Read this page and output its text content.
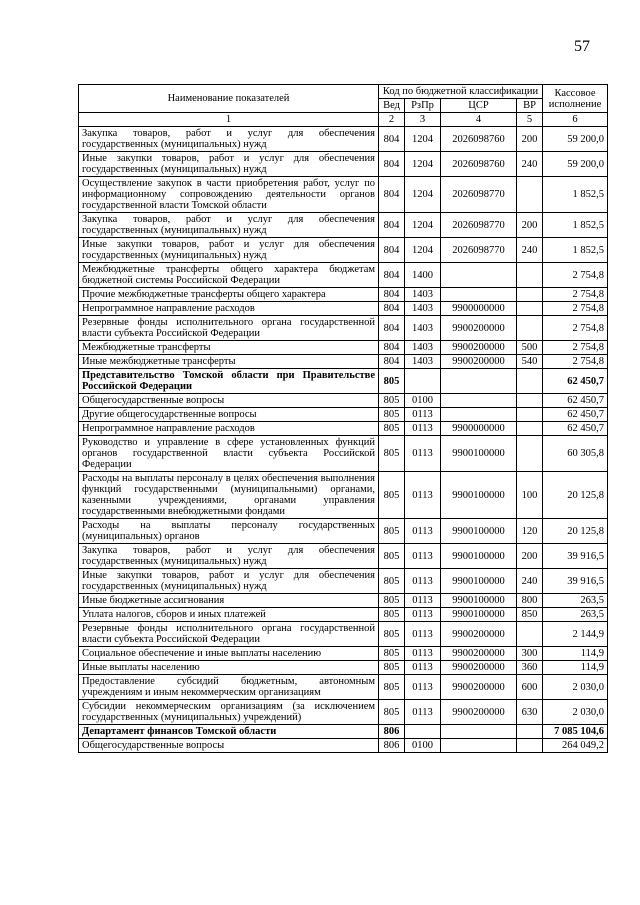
57
Наименование показателей	Код по бюджетной классификации				Кассовое исполнение
	Вед	РзПр	ЦСР	ВР	
1	2	3	4	5	6
Закупка товаров, работ и услуг для обеспечения государственных (муниципальных) нужд	804	1204	2026098760	200	59 200,0
Иные закупки товаров, работ и услуг для обеспечения государственных (муниципальных) нужд	804	1204	2026098760	240	59 200,0
Осуществление закупок в части приобретения работ, услуг по информационному сопровождению деятельности органов государственной власти Томской области	804	1204	2026098770		1 852,5
Закупка товаров, работ и услуг для обеспечения государственных (муниципальных) нужд	804	1204	2026098770	200	1 852,5
Иные закупки товаров, работ и услуг для обеспечения государственных (муниципальных) нужд	804	1204	2026098770	240	1 852,5
Межбюджетные трансферты общего характера бюджетам бюджетной системы Российской Федерации	804	1400			2 754,8
Прочие межбюджетные трансферты общего характера	804	1403			2 754,8
Непрограммное направление расходов	804	1403	9900000000		2 754,8
Резервные фонды исполнительного органа государственной власти субъекта Российской Федерации	804	1403	9900200000		2 754,8
Межбюджетные трансферты	804	1403	9900200000	500	2 754,8
Иные межбюджетные трансферты	804	1403	9900200000	540	2 754,8
Представительство Томской области при Правительстве Российской Федерации	805				62 450,7
Общегосударственные вопросы	805	0100			62 450,7
Другие общегосударственные вопросы	805	0113			62 450,7
Непрограммное направление расходов	805	0113	9900000000		62 450,7
Руководство и управление в сфере установленных функций органов государственной власти субъекта Российской Федерации	805	0113	9900100000		60 305,8
Расходы на выплаты персоналу в целях обеспечения выполнения функций государственными (муниципальными) органами, казенными учреждениями, органами управления государственными внебюджетными фондами	805	0113	9900100000	100	20 125,8
Расходы на выплаты персоналу государственных (муниципальных) органов	805	0113	9900100000	120	20 125,8
Закупка товаров, работ и услуг для обеспечения государственных (муниципальных) нужд	805	0113	9900100000	200	39 916,5
Иные закупки товаров, работ и услуг для обеспечения государственных (муниципальных) нужд	805	0113	9900100000	240	39 916,5
Иные бюджетные ассигнования	805	0113	9900100000	800	263,5
Уплата налогов, сборов и иных платежей	805	0113	9900100000	850	263,5
Резервные фонды исполнительного органа государственной власти субъекта Российской Федерации	805	0113	9900200000		2 144,9
Социальное обеспечение и иные выплаты населению	805	0113	9900200000	300	114,9
Иные выплаты населению	805	0113	9900200000	360	114,9
Предоставление субсидий бюджетным, автономным учреждениям и иным некоммерческим организациям	805	0113	9900200000	600	2 030,0
Субсидии некоммерческим организациям (за исключением государственных (муниципальных) учреждений)	805	0113	9900200000	630	2 030,0
Департамент финансов Томской области	806				7 085 104,6
Общегосударственные вопросы	806	0100			264 049,2
